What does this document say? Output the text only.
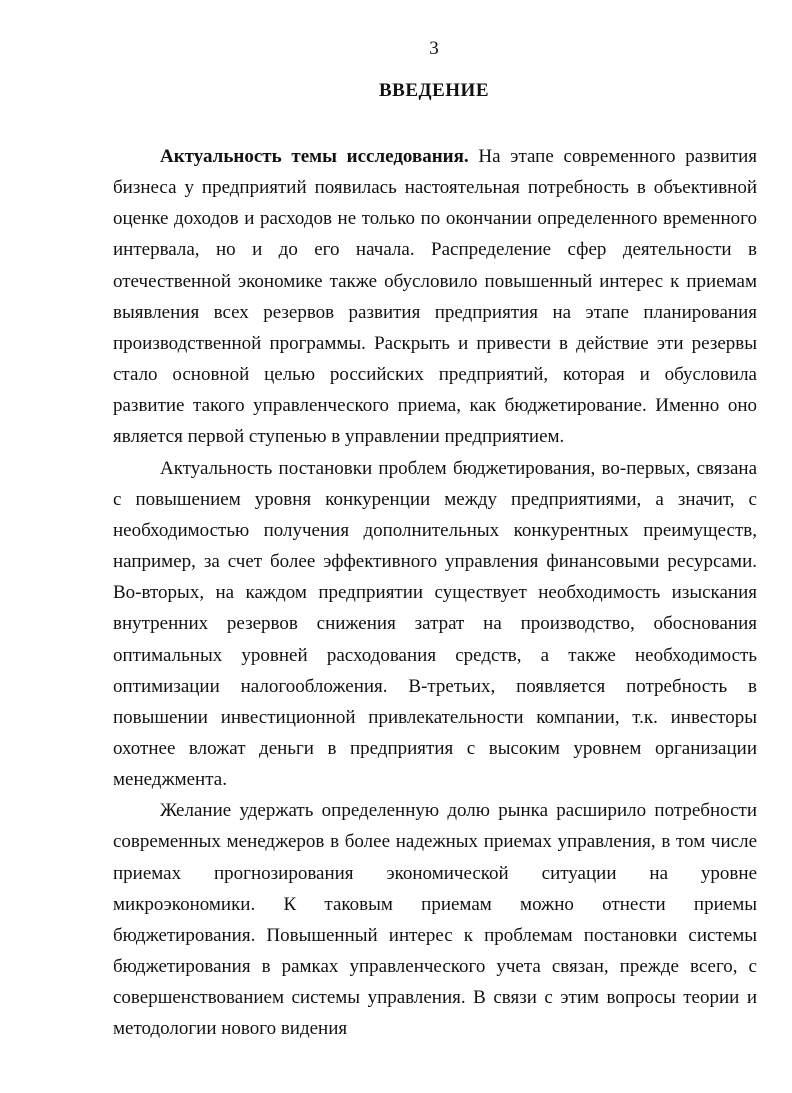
3
ВВЕДЕНИЕ

Актуальность темы исследования. На этапе современного развития бизнеса у предприятий появилась настоятельная потребность в объективной оценке доходов и расходов не только по окончании определенного временного интервала, но и до его начала. Распределение сфер деятельности в отечественной экономике также обусловило повышенный интерес к приемам выявления всех резервов развития предприятия на этапе планирования производственной программы. Раскрыть и привести в действие эти резервы стало основной целью российских предприятий, которая и обусловила развитие такого управленческого приема, как бюджетирование. Именно оно является первой ступенью в управлении предприятием.

Актуальность постановки проблем бюджетирования, во-первых, связана с повышением уровня конкуренции между предприятиями, а значит, с необходимостью получения дополнительных конкурентных преимуществ, например, за счет более эффективного управления финансовыми ресурсами. Во-вторых, на каждом предприятии существует необходимость изыскания внутренних резервов снижения затрат на производство, обоснования оптимальных уровней расходования средств, а также необходимость оптимизации налогообложения. В-третьих, появляется потребность в повышении инвестиционной привлекательности компании, т.к. инвесторы охотнее вложат деньги в предприятия с высоким уровнем организации менеджмента.

Желание удержать определенную долю рынка расширило потребности современных менеджеров в более надежных приемах управления, в том числе приемах прогнозирования экономической ситуации на уровне микроэкономики. К таковым приемам можно отнести приемы бюджетирования. Повышенный интерес к проблемам постановки системы бюджетирования в рамках управленческого учета связан, прежде всего, с совершенствованием системы управления. В связи с этим вопросы теории и методологии нового видения
